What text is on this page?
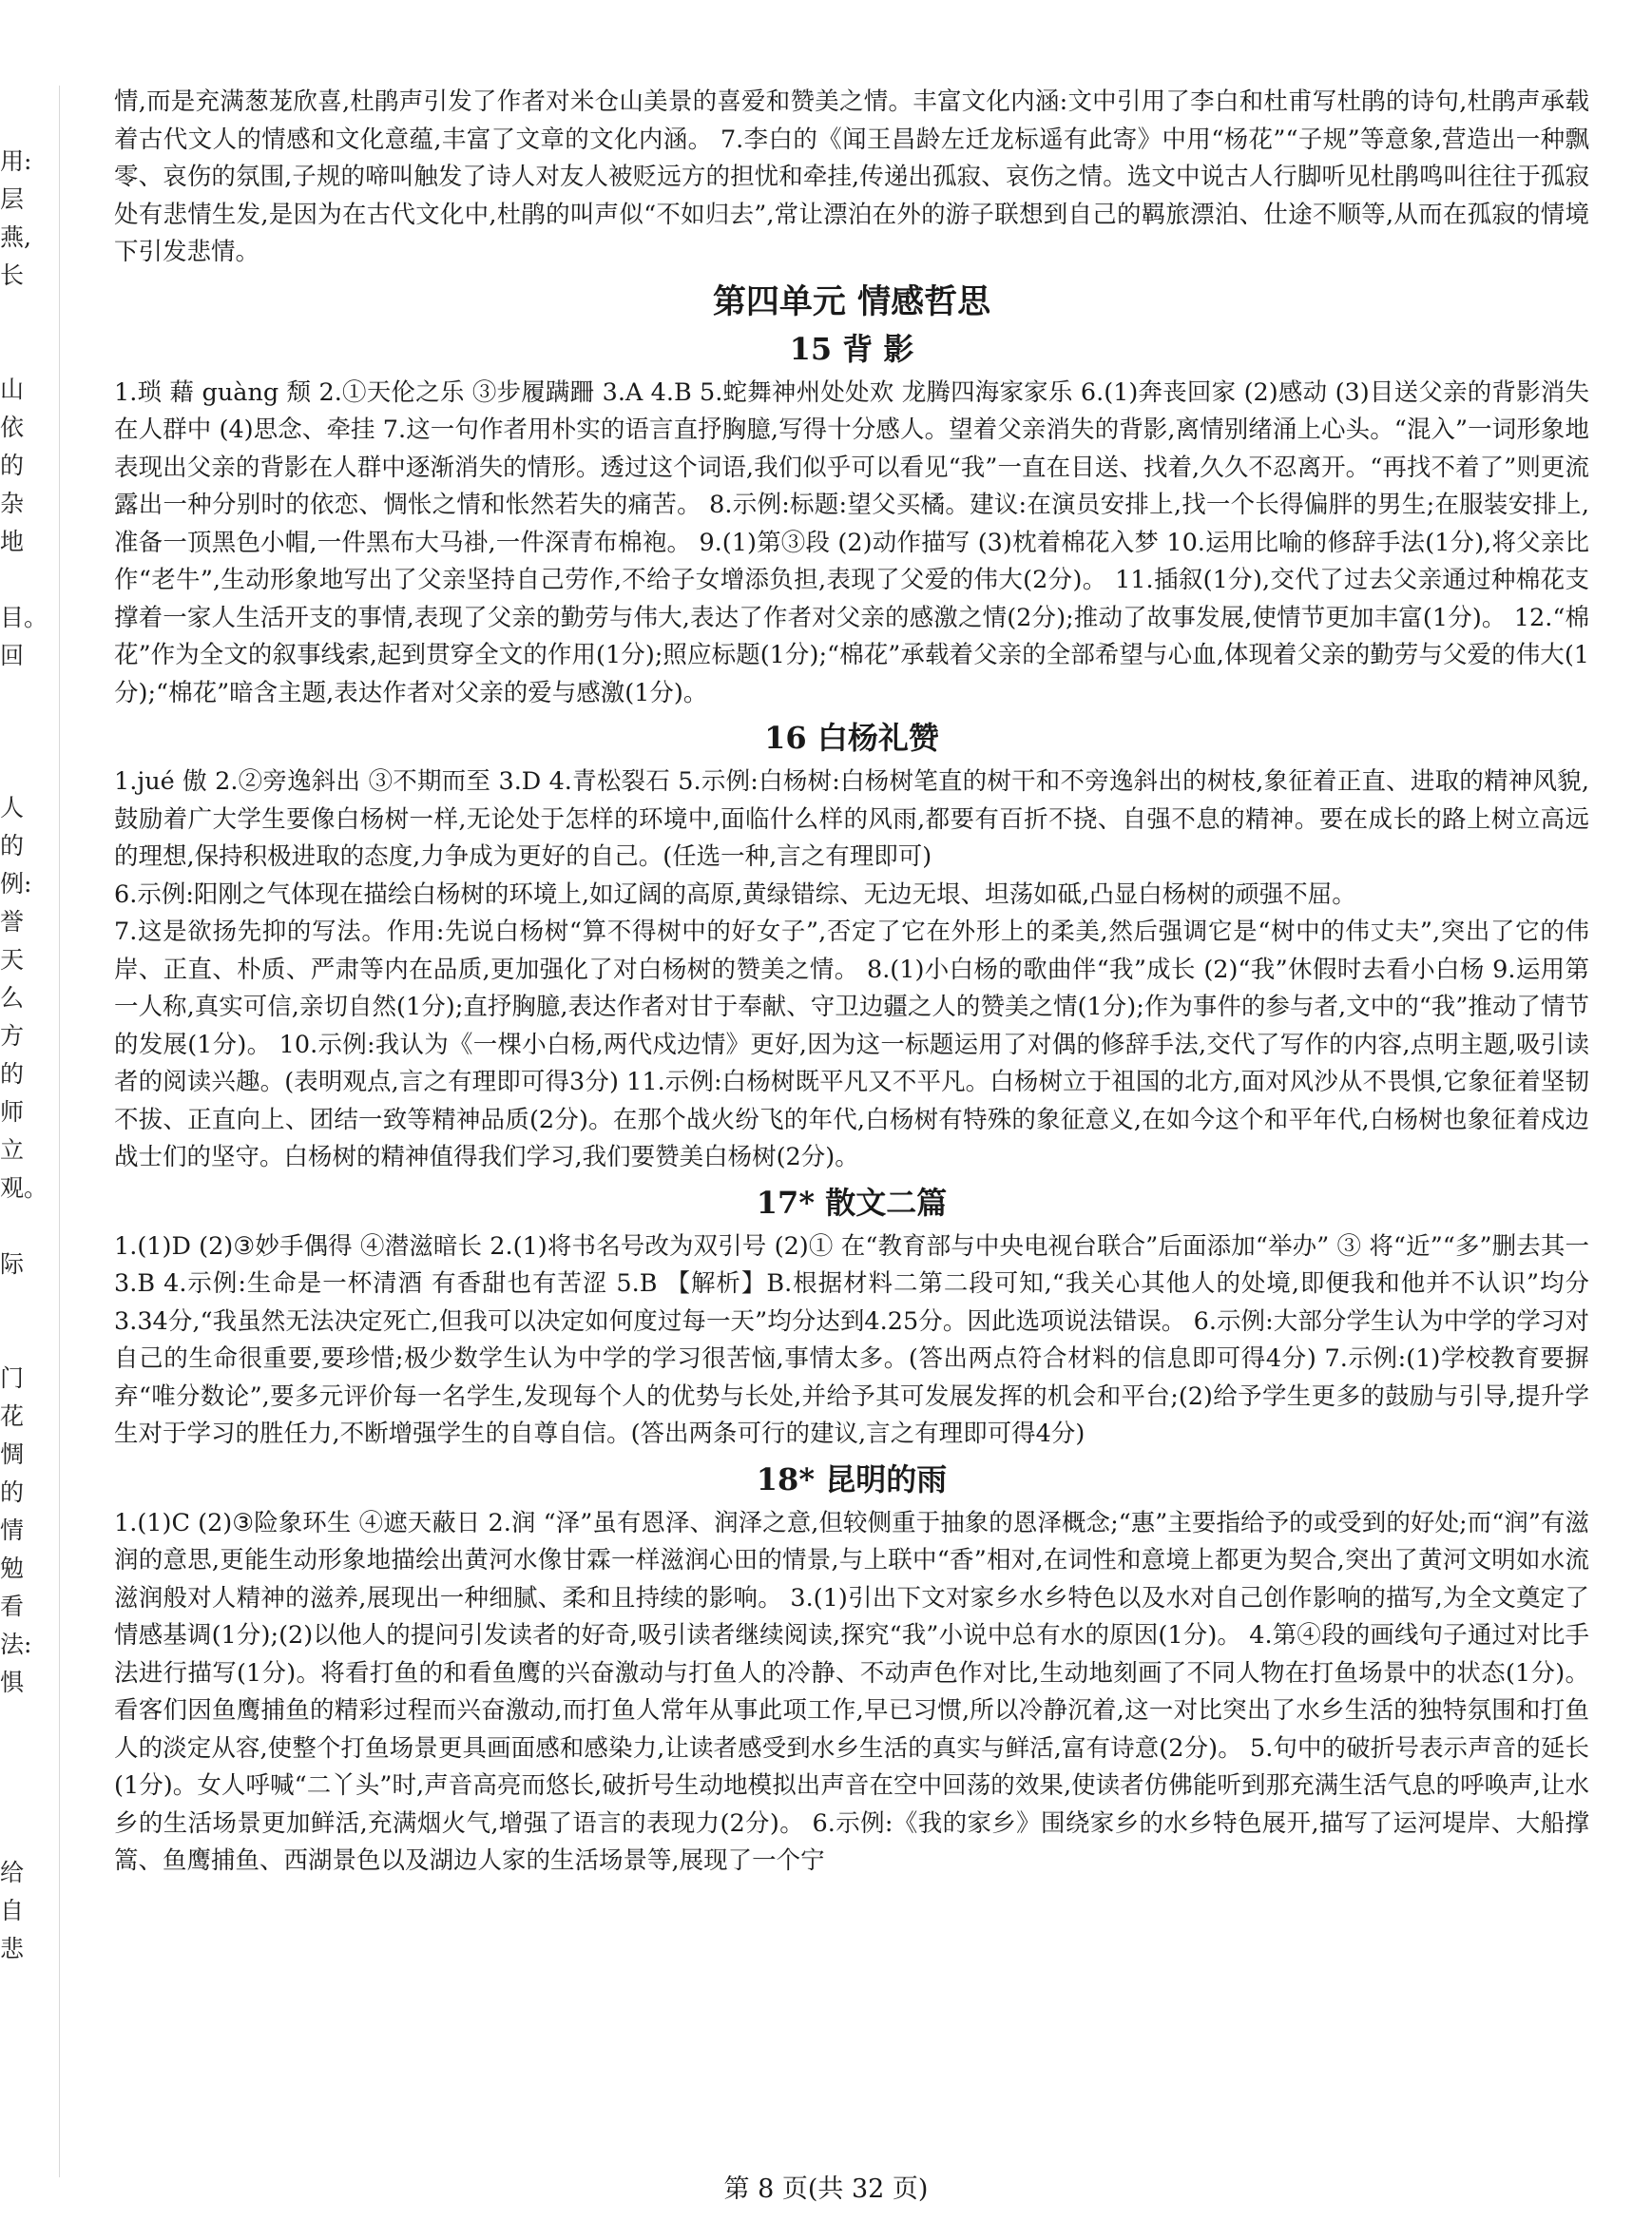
用:
层
燕,
长
山
依
的
杂
地
目。
回
人
的
例:
誉
天
么
方
的
师
立
观。
际
门
花
惆
的
情
勉
看
法:
惧
给
自
悲

情,而是充满葱茏欣喜,杜鹃声引发了作者对米仓山美景的喜爱和赞美之情。丰富文化内涵:文中引用了李白和杜甫写杜鹃的诗句,杜鹃声承载着古代文人的情感和文化意蕴,丰富了文章的文化内涵。 7.李白的《闻王昌龄左迁龙标遥有此寄》中用“杨花”“子规”等意象,营造出一种飘零、哀伤的氛围,子规的啼叫触发了诗人对友人被贬远方的担忧和牵挂,传递出孤寂、哀伤之情。选文中说古人行脚听见杜鹃鸣叫往往于孤寂处有悲情生发,是因为在古代文化中,杜鹃的叫声似“不如归去”,常让漂泊在外的游子联想到自己的羁旅漂泊、仕途不顺等,从而在孤寂的情境下引发悲情。

第四单元 情感哲思
15 背 影

1.琐 藉 guàng 颓 2.①天伦之乐 ③步履蹒跚 3.A 4.B 5.蛇舞神州处处欢 龙腾四海家家乐 6.(1)奔丧回家 (2)感动 (3)目送父亲的背影消失在人群中 (4)思念、牵挂 7.这一句作者用朴实的语言直抒胸臆,写得十分感人。望着父亲消失的背影,离情别绪涌上心头。“混入”一词形象地表现出父亲的背影在人群中逐渐消失的情形。透过这个词语,我们似乎可以看见“我”一直在目送、找着,久久不忍离开。“再找不着了”则更流露出一种分别时的依恋、惆怅之情和怅然若失的痛苦。 8.示例:标题:望父买橘。建议:在演员安排上,找一个长得偏胖的男生;在服装安排上,准备一顶黑色小帽,一件黑布大马褂,一件深青布棉袍。 9.(1)第③段 (2)动作描写 (3)枕着棉花入梦 10.运用比喻的修辞手法(1分),将父亲比作“老牛”,生动形象地写出了父亲坚持自己劳作,不给子女增添负担,表现了父爱的伟大(2分)。 11.插叙(1分),交代了过去父亲通过种棉花支撑着一家人生活开支的事情,表现了父亲的勤劳与伟大,表达了作者对父亲的感激之情(2分);推动了故事发展,使情节更加丰富(1分)。 12.“棉花”作为全文的叙事线索,起到贯穿全文的作用(1分);照应标题(1分);“棉花”承载着父亲的全部希望与心血,体现着父亲的勤劳与父爱的伟大(1分);“棉花”暗含主题,表达作者对父亲的爱与感激(1分)。

16 白杨礼赞

1.jué 傲 2.②旁逸斜出 ③不期而至 3.D 4.青松裂石 5.示例:白杨树:白杨树笔直的树干和不旁逸斜出的树枝,象征着正直、进取的精神风貌,鼓励着广大学生要像白杨树一样,无论处于怎样的环境中,面临什么样的风雨,都要有百折不挠、自强不息的精神。要在成长的路上树立高远的理想,保持积极进取的态度,力争成为更好的自己。(任选一种,言之有理即可)

6.示例:阳刚之气体现在描绘白杨树的环境上,如辽阔的高原,黄绿错综、无边无垠、坦荡如砥,凸显白杨树的顽强不屈。

7.这是欲扬先抑的写法。作用:先说白杨树“算不得树中的好女子”,否定了它在外形上的柔美,然后强调它是“树中的伟丈夫”,突出了它的伟岸、正直、朴质、严肃等内在品质,更加强化了对白杨树的赞美之情。 8.(1)小白杨的歌曲伴“我”成长 (2)“我”休假时去看小白杨 9.运用第一人称,真实可信,亲切自然(1分);直抒胸臆,表达作者对甘于奉献、守卫边疆之人的赞美之情(1分);作为事件的参与者,文中的“我”推动了情节的发展(1分)。 10.示例:我认为《一棵小白杨,两代戍边情》更好,因为这一标题运用了对偶的修辞手法,交代了写作的内容,点明主题,吸引读者的阅读兴趣。(表明观点,言之有理即可得3分) 11.示例:白杨树既平凡又不平凡。白杨树立于祖国的北方,面对风沙从不畏惧,它象征着坚韧不拔、正直向上、团结一致等精神品质(2分)。在那个战火纷飞的年代,白杨树有特殊的象征意义,在如今这个和平年代,白杨树也象征着戍边战士们的坚守。白杨树的精神值得我们学习,我们要赞美白杨树(2分)。

17* 散文二篇

1.(1)D (2)③妙手偶得 ④潜滋暗长 2.(1)将书名号改为双引号 (2)① 在“教育部与中央电视台联合”后面添加“举办” ③ 将“近”“多”删去其一 3.B 4.示例:生命是一杯清酒 有香甜也有苦涩 5.B 【解析】B.根据材料二第二段可知,“我关心其他人的处境,即便我和他并不认识”均分3.34分,“我虽然无法决定死亡,但我可以决定如何度过每一天”均分达到4.25分。因此选项说法错误。 6.示例:大部分学生认为中学的学习对自己的生命很重要,要珍惜;极少数学生认为中学的学习很苦恼,事情太多。(答出两点符合材料的信息即可得4分) 7.示例:(1)学校教育要摒弃“唯分数论”,要多元评价每一名学生,发现每个人的优势与长处,并给予其可发展发挥的机会和平台;(2)给予学生更多的鼓励与引导,提升学生对于学习的胜任力,不断增强学生的自尊自信。(答出两条可行的建议,言之有理即可得4分)

18* 昆明的雨

1.(1)C (2)③险象环生 ④遮天蔽日 2.润 “泽”虽有恩泽、润泽之意,但较侧重于抽象的恩泽概念;“惠”主要指给予的或受到的好处;而“润”有滋润的意思,更能生动形象地描绘出黄河水像甘霖一样滋润心田的情景,与上联中“香”相对,在词性和意境上都更为契合,突出了黄河文明如水流滋润般对人精神的滋养,展现出一种细腻、柔和且持续的影响。 3.(1)引出下文对家乡水乡特色以及水对自己创作影响的描写,为全文奠定了情感基调(1分);(2)以他人的提问引发读者的好奇,吸引读者继续阅读,探究“我”小说中总有水的原因(1分)。 4.第④段的画线句子通过对比手法进行描写(1分)。将看打鱼的和看鱼鹰的兴奋激动与打鱼人的冷静、不动声色作对比,生动地刻画了不同人物在打鱼场景中的状态(1分)。看客们因鱼鹰捕鱼的精彩过程而兴奋激动,而打鱼人常年从事此项工作,早已习惯,所以冷静沉着,这一对比突出了水乡生活的独特氛围和打鱼人的淡定从容,使整个打鱼场景更具画面感和感染力,让读者感受到水乡生活的真实与鲜活,富有诗意(2分)。 5.句中的破折号表示声音的延长(1分)。女人呼喊“二丫头”时,声音高亮而悠长,破折号生动地模拟出声音在空中回荡的效果,使读者仿佛能听到那充满生活气息的呼唤声,让水乡的生活场景更加鲜活,充满烟火气,增强了语言的表现力(2分)。 6.示例:《我的家乡》围绕家乡的水乡特色展开,描写了运河堤岸、大船撑篙、鱼鹰捕鱼、西湖景色以及湖边人家的生活场景等,展现了一个宁

第 8 页(共 32 页)
